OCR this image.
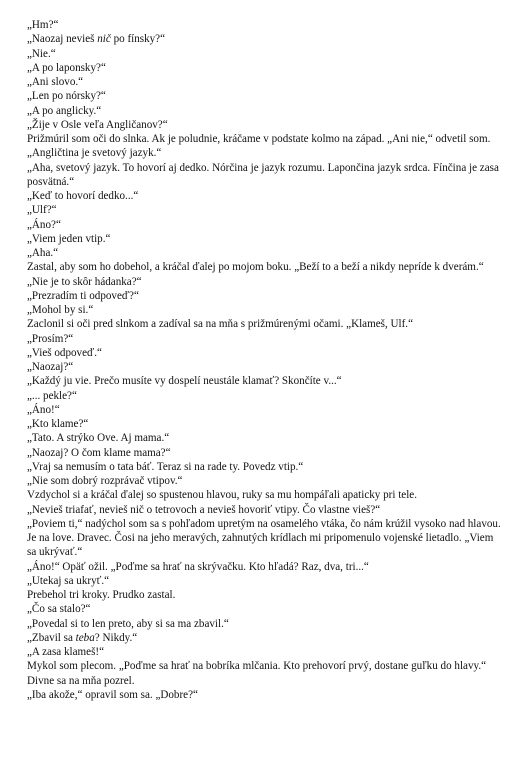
„Hm?“

„Naozaj nevieš nič po fínsky?“

„Nie.“

„A po laponsky?“

„Ani slovo.“

„Len po nórsky?“

„A po anglicky.“

„Žije v Osle veľa Angličanov?“

Prižmúril som oči do slnka. Ak je poludnie, kráčame v podstate kolmo na západ. „Ani nie,“ odvetil som. „Angličtina je svetový jazyk.“

„Aha, svetový jazyk. To hovorí aj dedko. Nórčina je jazyk rozumu. Lapončina jazyk srdca. Fínčina je zasa posvätná.“

„Keď to hovorí dedko...“

„Ulf?“

„Áno?“

„Viem jeden vtip.“

„Aha.“

Zastal, aby som ho dobehol, a kráčal ďalej po mojom boku. „Beží to a beží a nikdy nepríde k dverám.“

„Nie je to skôr hádanka?“

„Prezradím ti odpoveď?“

„Mohol by si.“

Zaclonil si oči pred slnkom a zadíval sa na mňa s prižmúrenými očami. „Klameš, Ulf.“

„Prosím?“

„Vieš odpoveď.“

„Naozaj?“

„Každý ju vie. Prečo musíte vy dospelí neustále klamať? Skončíte v...“

„... pekle?“

„Áno!“

„Kto klame?“

„Tato. A strýko Ove. Aj mama.“

„Naozaj? O čom klame mama?“

„Vraj sa nemusím o tata báť. Teraz si na rade ty. Povedz vtip.“

„Nie som dobrý rozprávač vtipov.“

Vzdychol si a kráčal ďalej so spustenou hlavou, ruky sa mu hompáľali apaticky pri tele.

„Nevieš triafať, nevieš nič o tetrovoch a nevieš hovoriť vtipy. Čo vlastne vieš?“

„Poviem ti,“ nadýchol som sa s pohľadom upretým na osamelého vtáka, čo nám krúžil vysoko nad hlavou. Je na love. Dravec. Čosi na jeho meravých, zahnutých krídlach mi pripomenulo vojenské lietadlo. „Viem sa ukrývať.“

„Áno!“ Opäť ožil. „Poďme sa hrať na skrývačku. Kto hľadá? Raz, dva, tri...“

„Utekaj sa ukryť.“

Prebehol tri kroky. Prudko zastal.

„Čo sa stalo?“

„Povedal si to len preto, aby si sa ma zbavil.“

„Zbavil sa teba? Nikdy.“

„A zasa klameš!“

Mykol som plecom. „Poďme sa hrať na bobríka mlčania. Kto prehovorí prvý, dostane guľku do hlavy.“

Divne sa na mňa pozrel.

„Iba akože,“ opravil som sa. „Dobre?“
